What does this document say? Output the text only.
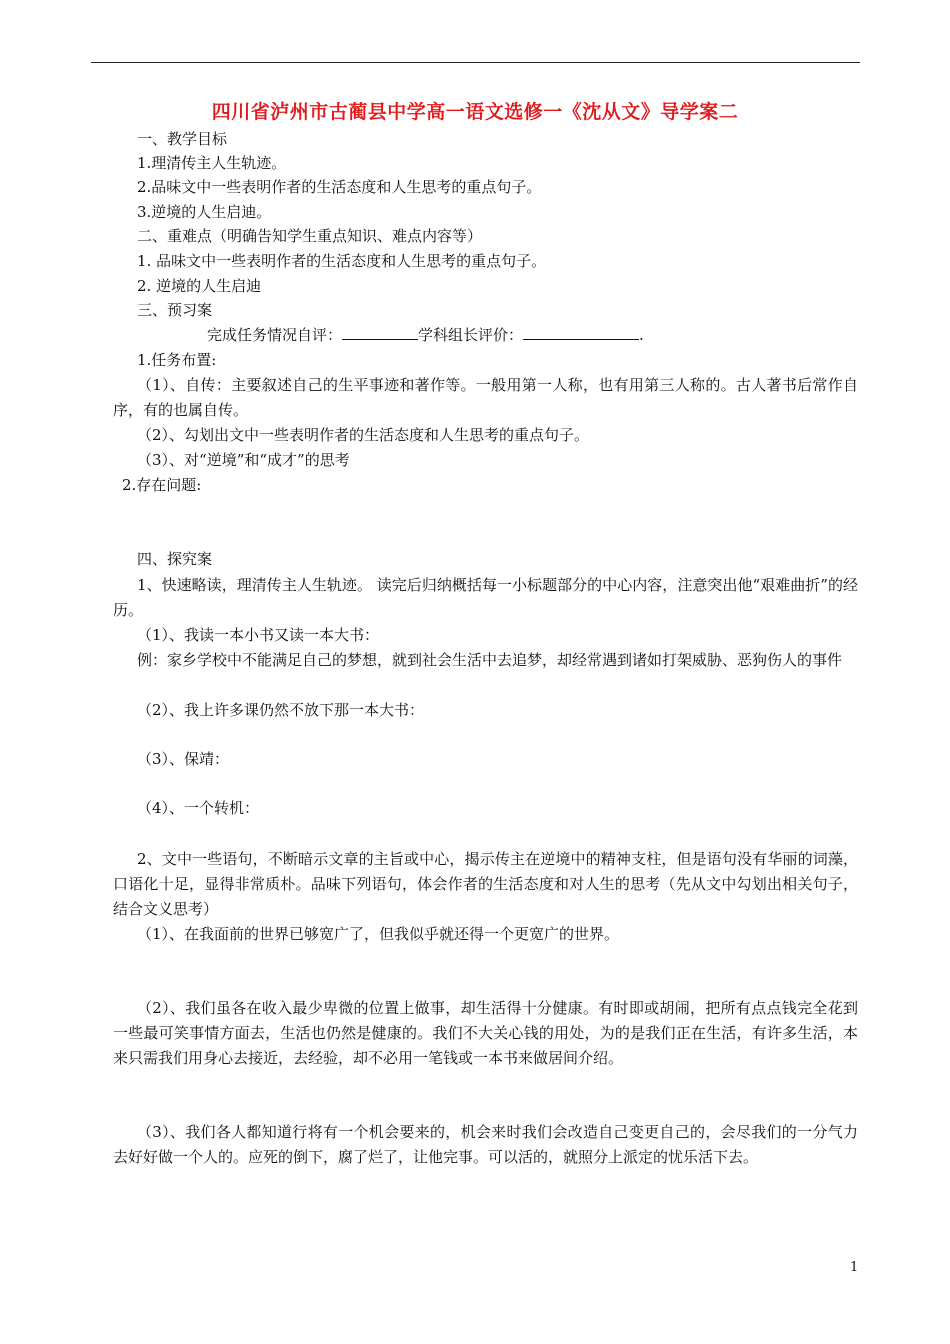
四川省泸州市古蔺县中学高一语文选修一《沈从文》导学案二
一、教学目标
1.理清传主人生轨迹。
2.品味文中一些表明作者的生活态度和人生思考的重点句子。
3.逆境的人生启迪。
二、重难点（明确告知学生重点知识、难点内容等）
1. 品味文中一些表明作者的生活态度和人生思考的重点句子。
2. 逆境的人生启迪
三、预习案
完成任务情况自评：	学科组长评价：	.
1.任务布置:
（1）、自传：主要叙述自己的生平事迹和著作等。一般用第一人称，也有用第三人称的。古人著书后常作自序，有的也属自传。
（2）、勾划出文中一些表明作者的生活态度和人生思考的重点句子。
（3）、对“逆境”和“成才”的思考
2.存在问题:
四、探究案
1、快速略读，理清传主人生轨迹。 读完后归纳概括每一小标题部分的中心内容，注意突出他“艰难曲折”的经历。
（1）、我读一本小书又读一本大书：
例：家乡学校中不能满足自己的梦想，就到社会生活中去追梦，却经常遇到诸如打架威胁、恶狗伤人的事件
（2）、我上许多课仍然不放下那一本大书：
（3）、保靖：
（4）、一个转机：
2、文中一些语句，不断暗示文章的主旨或中心，揭示传主在逆境中的精神支柱，但是语句没有华丽的词藻，口语化十足，显得非常质朴。品味下列语句，体会作者的生活态度和对人生的思考（先从文中勾划出相关句子，结合文义思考）
（1）、在我面前的世界已够宽广了，但我似乎就还得一个更宽广的世界。
（2）、我们虽各在收入最少卑微的位置上做事，却生活得十分健康。有时即或胡闹，把所有点点钱完全花到一些最可笑事情方面去，生活也仍然是健康的。我们不大关心钱的用处，为的是我们正在生活，有许多生活，本来只需我们用身心去接近，去经验，却不必用一笔钱或一本书来做居间介绍。
（3）、我们各人都知道行将有一个机会要来的，机会来时我们会改造自己变更自己的，会尽我们的一分气力去好好做一个人的。应死的倒下，腐了烂了，让他完事。可以活的，就照分上派定的忧乐活下去。
1
